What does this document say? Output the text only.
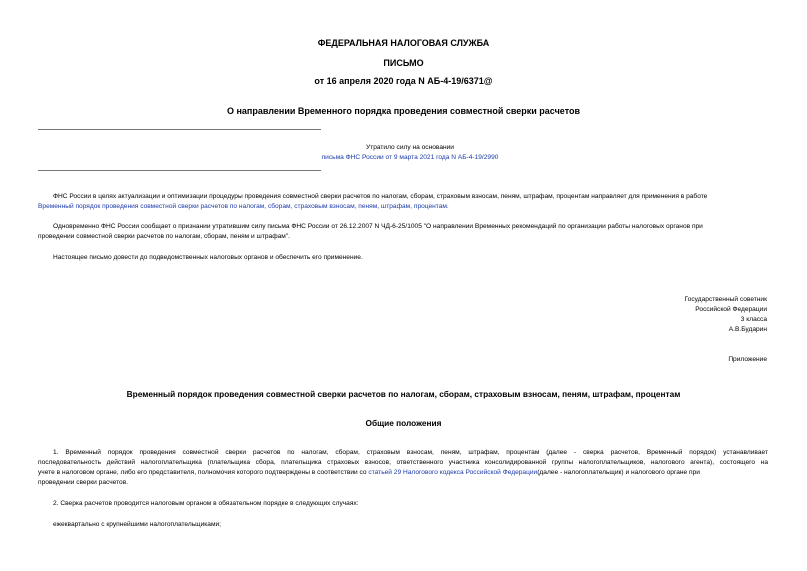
ФЕДЕРАЛЬНАЯ НАЛОГОВАЯ СЛУЖБА
ПИСЬМО
от 16 апреля 2020 года N АБ-4-19/6371@
О направлении Временного порядка проведения совместной сверки расчетов
Утратило силу на основании
письма ФНС России от 9 марта 2021 года N АБ-4-19/2990
ФНС России в целях актуализации и оптимизации процедуры проведения совместной сверки расчетов по налогам, сборам, страховым взносам, пеням, штрафам, процентам направляет для применения в работе
Временный порядок проведения совместной сверки расчетов по налогам, сборам, страховым взносам, пеням, штрафам, процентам.
Одновременно ФНС России сообщает о признании утратившим силу письма ФНС России от 26.12.2007 N ЧД-6-25/1005 "О направлении Временных рекомендаций по организации работы налоговых органов при
проведении совместной сверки расчетов по налогам, сборам, пеням и штрафам".
Настоящее письмо довести до подведомственных налоговых органов и обеспечить его применение.
Государственный советник
Российской Федерации
3 класса
А.В.Бударин
Приложение
Временный порядок проведения совместной сверки расчетов по налогам, сборам, страховым взносам, пеням, штрафам, процентам
Общие положения
1. Временный порядок проведения совместной сверки расчетов по налогам, сборам, страховым взносам, пеням, штрафам, процентам (далее - сверка расчетов, Временный порядок) устанавливает
последовательность действий налогоплательщика (плательщика сбора, плательщика страховых взносов, ответственного участника консолидированной группы налогоплательщиков, налогового агента), состоящего на
учете в налоговом органе, либо его представителя, полномочия которого подтверждены в соответствии со статьей 29 Налогового кодекса Российской Федерации(далее - налогоплательщик) и налогового органе при
проведении сверки расчетов.
2. Сверка расчетов проводится налоговым органом в обязательном порядке в следующих случаях:
ежеквартально с крупнейшими налогоплательщиками;
